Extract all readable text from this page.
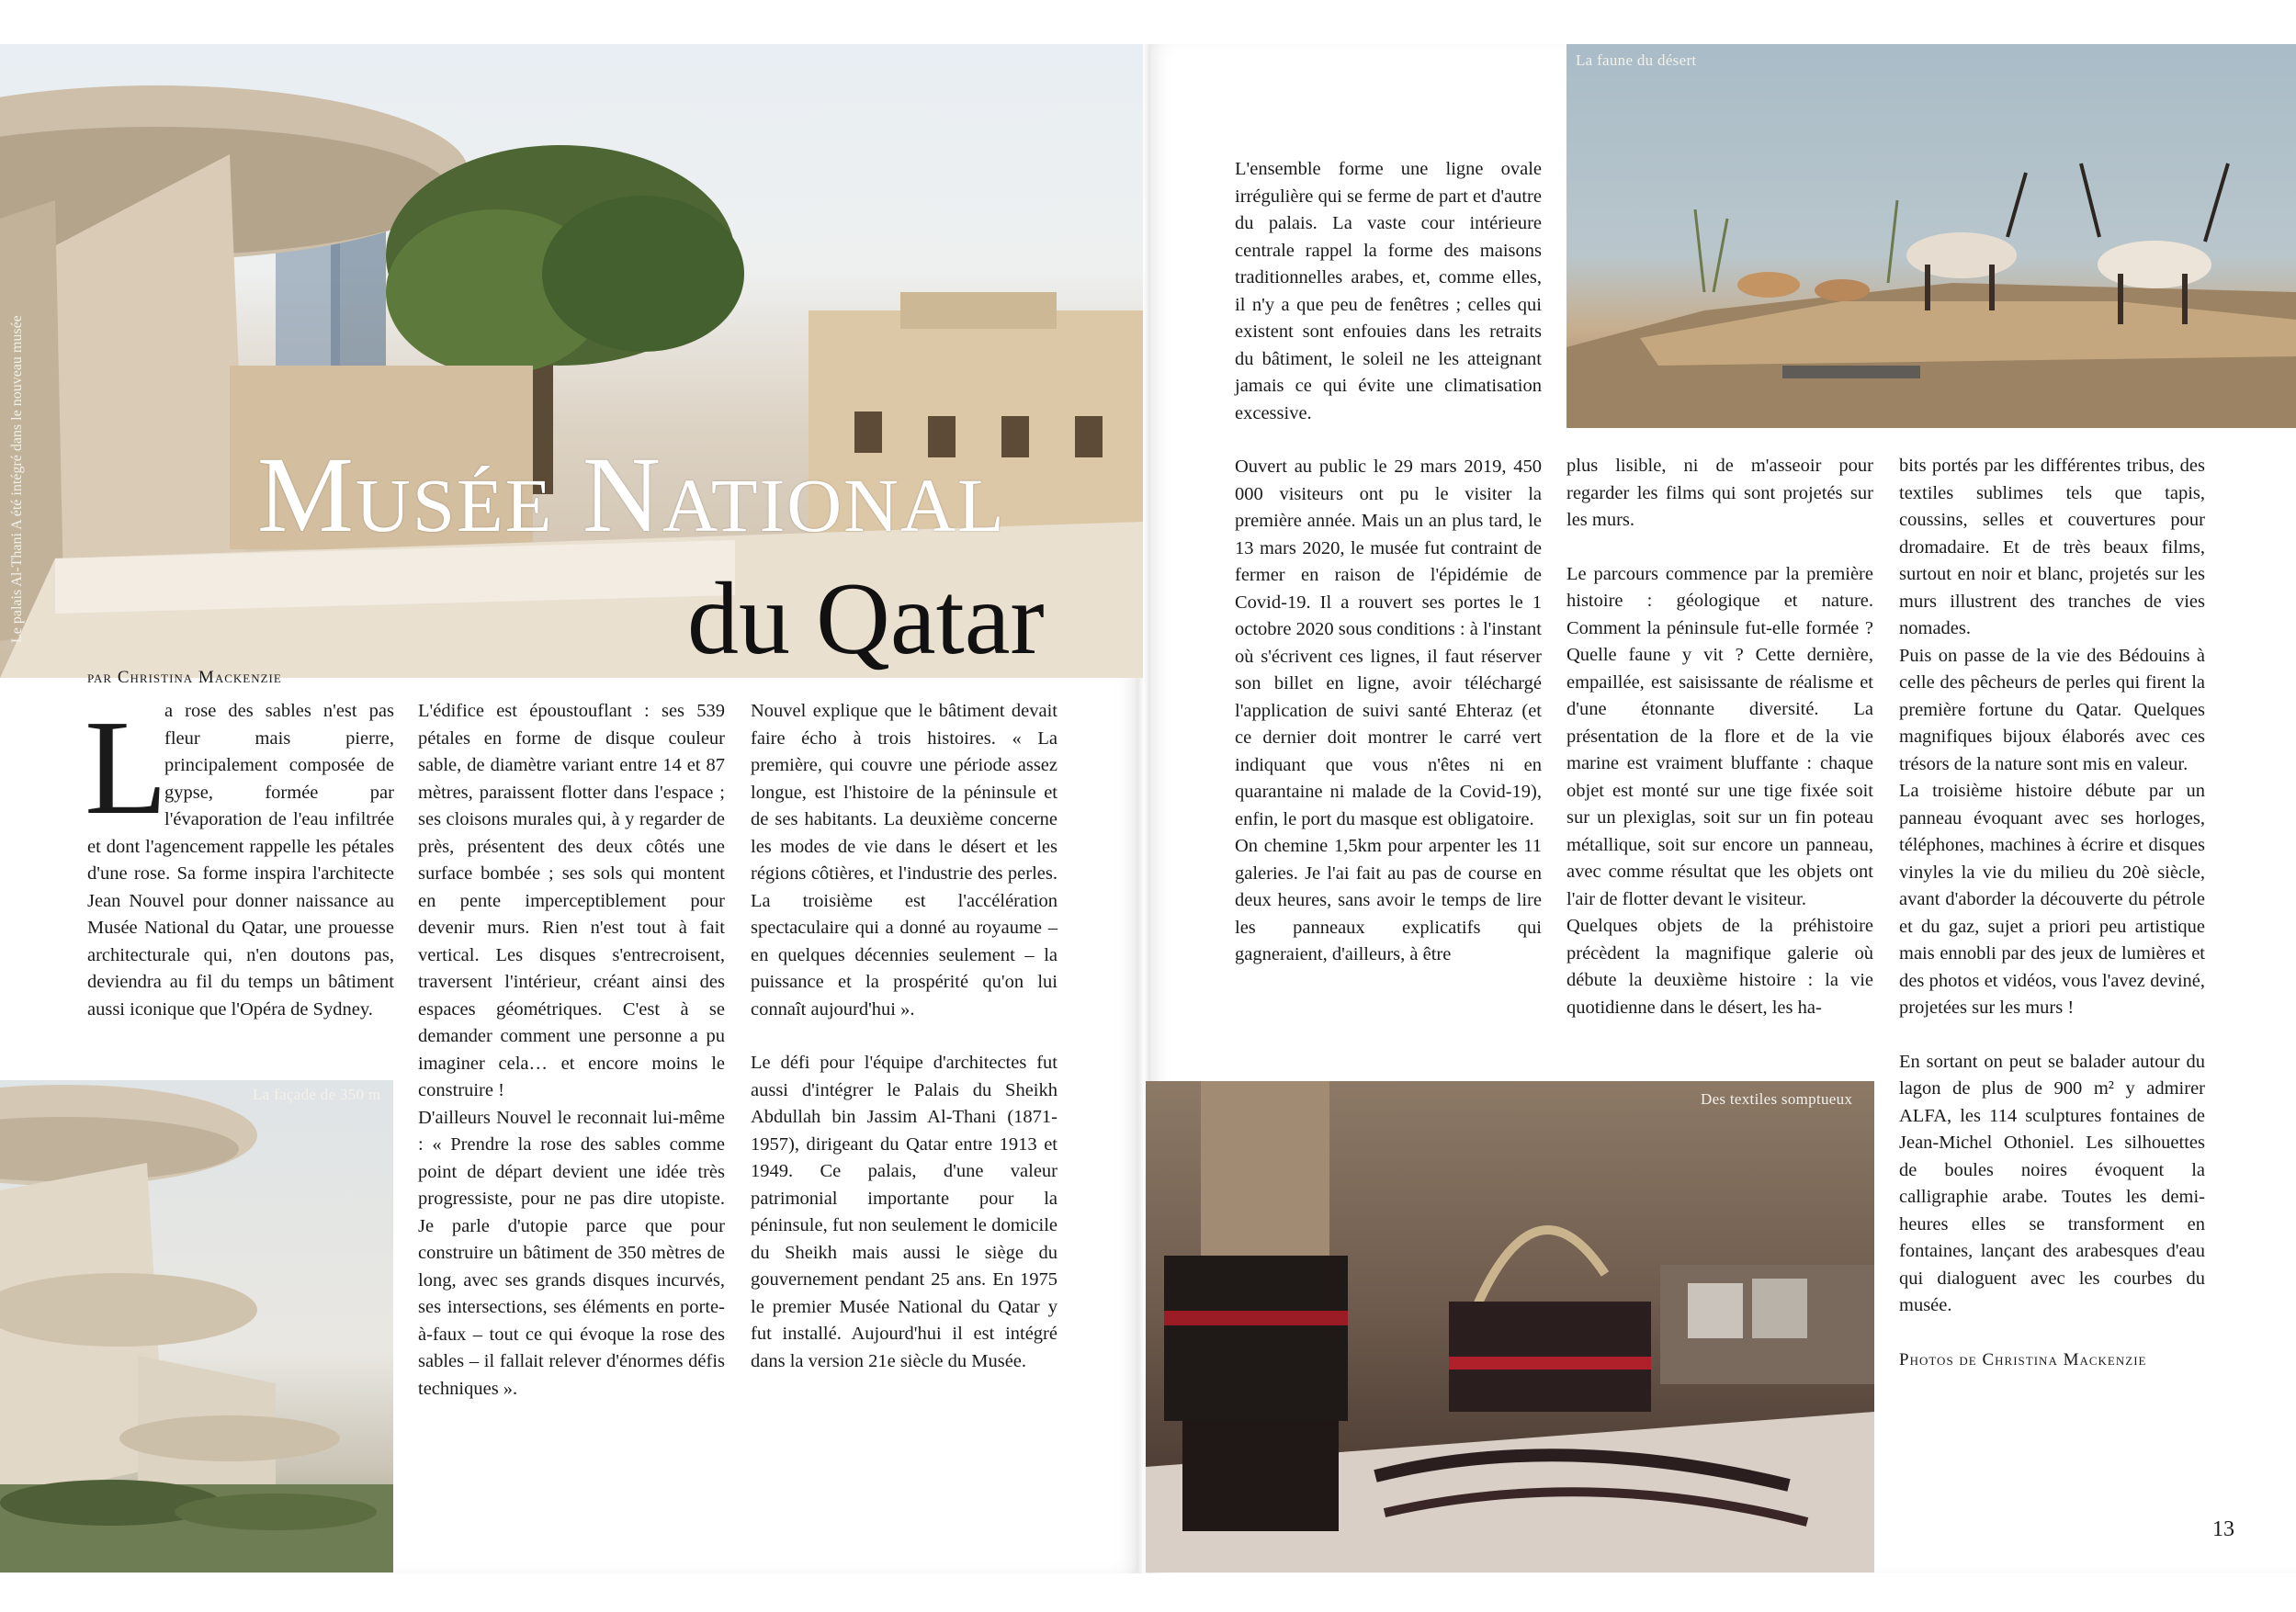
Musée National
du Qatar
Le palais Al-Thani A été intégré dans le nouveau musée
par Christina Mackenzie
L

a rose des sables n'est pas fleur mais pierre, principalement composée de gypse, formée par l'évaporation de l'eau infiltrée et dont l'agencement rappelle les pétales d'une rose. Sa forme inspira l'architecte Jean Nouvel pour donner naissance au Musée National du Qatar, une prouesse architecturale qui, n'en doutons pas, deviendra au fil du temps un bâtiment aussi iconique que l'Opéra de Sydney.

La façade de 350 m

L'édifice est époustouflant : ses 539 pétales en forme de disque couleur sable, de diamètre variant entre 14 et 87 mètres, paraissent flotter dans l'espace ; ses cloisons murales qui, à y regarder de près, présentent des deux côtés une surface bombée ; ses sols qui montent en pente imperceptiblement pour devenir murs. Rien n'est tout à fait vertical. Les disques s'entrecroisent, traversent l'intérieur, créant ainsi des espaces géométriques. C'est à se demander comment une personne a pu imaginer cela… et encore moins le construire !

D'ailleurs Nouvel le reconnait lui-même : « Prendre la rose des sables comme point de départ devient une idée très progressiste, pour ne pas dire utopiste. Je parle d'utopie parce que pour construire un bâtiment de 350 mètres de long, avec ses grands disques incurvés, ses intersections, ses éléments en porte-à-faux – tout ce qui évoque la rose des sables – il fallait relever d'énormes défis techniques ».

Nouvel explique que le bâtiment devait faire écho à trois histoires. « La première, qui couvre une période assez longue, est l'histoire de la péninsule et de ses habitants. La deuxième concerne les modes de vie dans le désert et les régions côtières, et l'industrie des perles. La troisième est l'accélération spectaculaire qui a donné au royaume – en quelques décennies seulement – la puissance et la prospérité qu'on lui connaît aujourd'hui ».

Le défi pour l'équipe d'architectes fut aussi d'intégrer le Palais du Sheikh Abdullah bin Jassim Al-Thani (1871-1957), dirigeant du Qatar entre 1913 et 1949. Ce palais, d'une valeur patrimonial importante pour la péninsule, fut non seulement le domicile du Sheikh mais aussi le siège du gouvernement pendant 25 ans. En 1975 le premier Musée National du Qatar y fut installé. Aujourd'hui il est intégré dans la version 21e siècle du Musée.

La faune du désert

L'ensemble forme une ligne ovale irrégulière qui se ferme de part et d'autre du palais. La vaste cour intérieure centrale rappel la forme des maisons traditionnelles arabes, et, comme elles, il n'y a que peu de fenêtres ; celles qui existent sont enfouies dans les retraits du bâtiment, le soleil ne les atteignant jamais ce qui évite une climatisation excessive.

Ouvert au public le 29 mars 2019, 450 000 visiteurs ont pu le visiter la première année. Mais un an plus tard, le 13 mars 2020, le musée fut contraint de fermer en raison de l'épidémie de Covid-19. Il a rouvert ses portes le 1 octobre 2020 sous conditions : à l'instant où s'écrivent ces lignes, il faut réserver son billet en ligne, avoir téléchargé l'application de suivi santé Ehteraz (et ce dernier doit montrer le carré vert indiquant que vous n'êtes ni en quarantaine ni malade de la Covid-19), enfin, le port du masque est obligatoire.

On chemine 1,5km pour arpenter les 11 galeries. Je l'ai fait au pas de course en deux heures, sans avoir le temps de lire les panneaux explicatifs qui gagneraient, d'ailleurs, à être

plus lisible, ni de m'asseoir pour regarder les films qui sont projetés sur les murs.

Le parcours commence par la première histoire : géologique et nature. Comment la péninsule fut-elle formée ? Quelle faune y vit ? Cette dernière, empaillée, est saisissante de réalisme et d'une étonnante diversité. La présentation de la flore et de la vie marine est vraiment bluffante : chaque objet est monté sur une tige fixée soit sur un plexiglas, soit sur un fin poteau métallique, soit sur encore un panneau, avec comme résultat que les objets ont l'air de flotter devant le visiteur.

Quelques objets de la préhistoire précèdent la magnifique galerie où débute la deuxième histoire : la vie quotidienne dans le désert, les ha-

Des textiles somptueux

bits portés par les différentes tribus, des textiles sublimes tels que tapis, coussins, selles et couvertures pour dromadaire. Et de très beaux films, surtout en noir et blanc, projetés sur les murs illustrent des tranches de vies nomades.

Puis on passe de la vie des Bédouins à celle des pêcheurs de perles qui firent la première fortune du Qatar. Quelques magnifiques bijoux élaborés avec ces trésors de la nature sont mis en valeur.

La troisième histoire débute par un panneau évoquant avec ses horloges, téléphones, machines à écrire et disques vinyles la vie du milieu du 20è siècle, avant d'aborder la découverte du pétrole et du gaz, sujet a priori peu artistique mais ennobli par des jeux de lumières et des photos et vidéos, vous l'avez deviné, projetées sur les murs !

En sortant on peut se balader autour du lagon de plus de 900 m² y admirer ALFA, les 114 sculptures fontaines de Jean-Michel Othoniel. Les silhouettes de boules noires évoquent la calligraphie arabe. Toutes les demi-heures elles se transforment en fontaines, lançant des arabesques d'eau qui dialoguent avec les courbes du musée.

Photos de Christina Mackenzie

13
